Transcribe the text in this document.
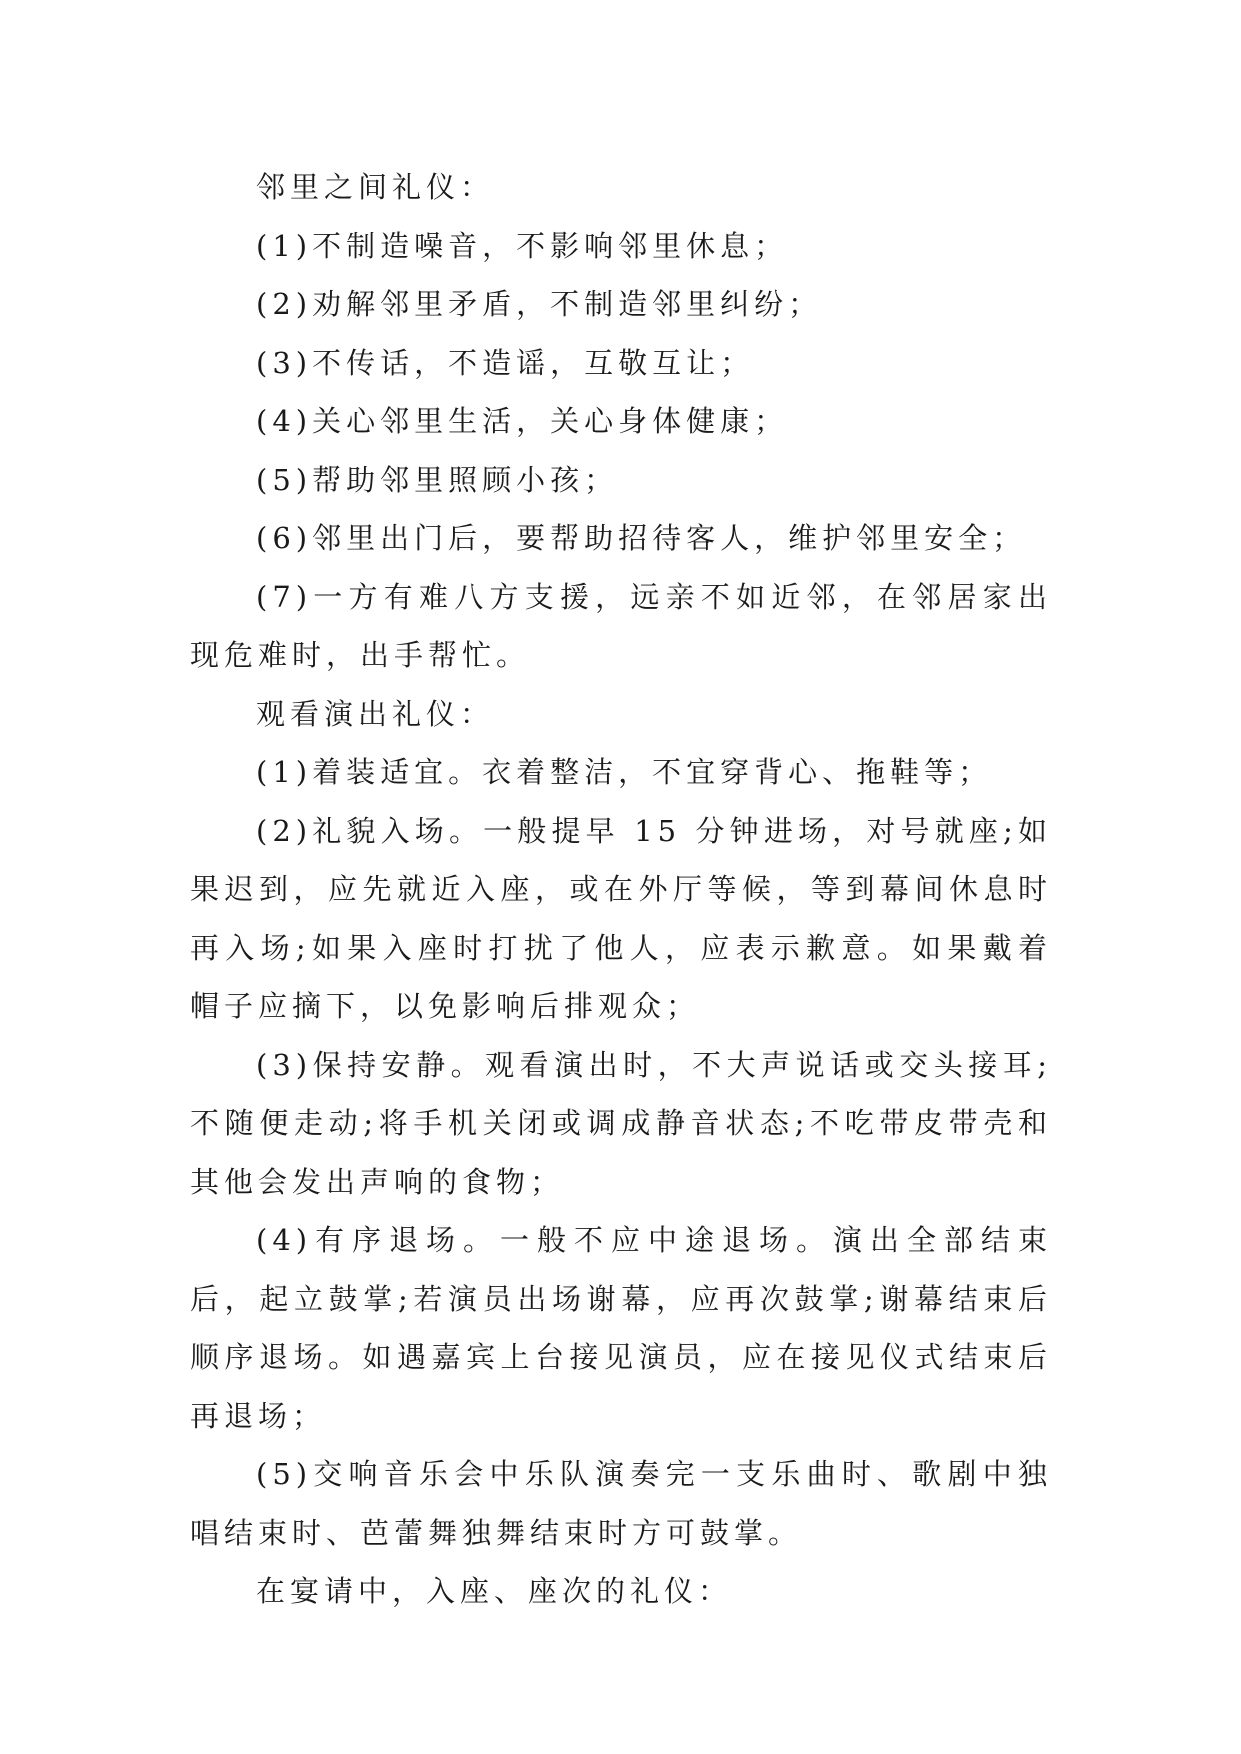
邻里之间礼仪：

(1)不制造噪音，不影响邻里休息；

(2)劝解邻里矛盾，不制造邻里纠纷；

(3)不传话，不造谣，互敬互让；

(4)关心邻里生活，关心身体健康；

(5)帮助邻里照顾小孩；

(6)邻里出门后，要帮助招待客人，维护邻里安全；

(7)一方有难八方支援，远亲不如近邻，在邻居家出现危难时，出手帮忙。

观看演出礼仪：

(1)着装适宜。衣着整洁，不宜穿背心、拖鞋等；

(2)礼貌入场。一般提早 15 分钟进场，对号就座;如果迟到，应先就近入座，或在外厅等候，等到幕间休息时再入场;如果入座时打扰了他人，应表示歉意。如果戴着帽子应摘下，以免影响后排观众；

(3)保持安静。观看演出时，不大声说话或交头接耳;不随便走动;将手机关闭或调成静音状态;不吃带皮带壳和其他会发出声响的食物；

(4)有序退场。一般不应中途退场。演出全部结束后，起立鼓掌;若演员出场谢幕，应再次鼓掌;谢幕结束后顺序退场。如遇嘉宾上台接见演员，应在接见仪式结束后再退场；

(5)交响音乐会中乐队演奏完一支乐曲时、歌剧中独唱结束时、芭蕾舞独舞结束时方可鼓掌。

在宴请中，入座、座次的礼仪：
